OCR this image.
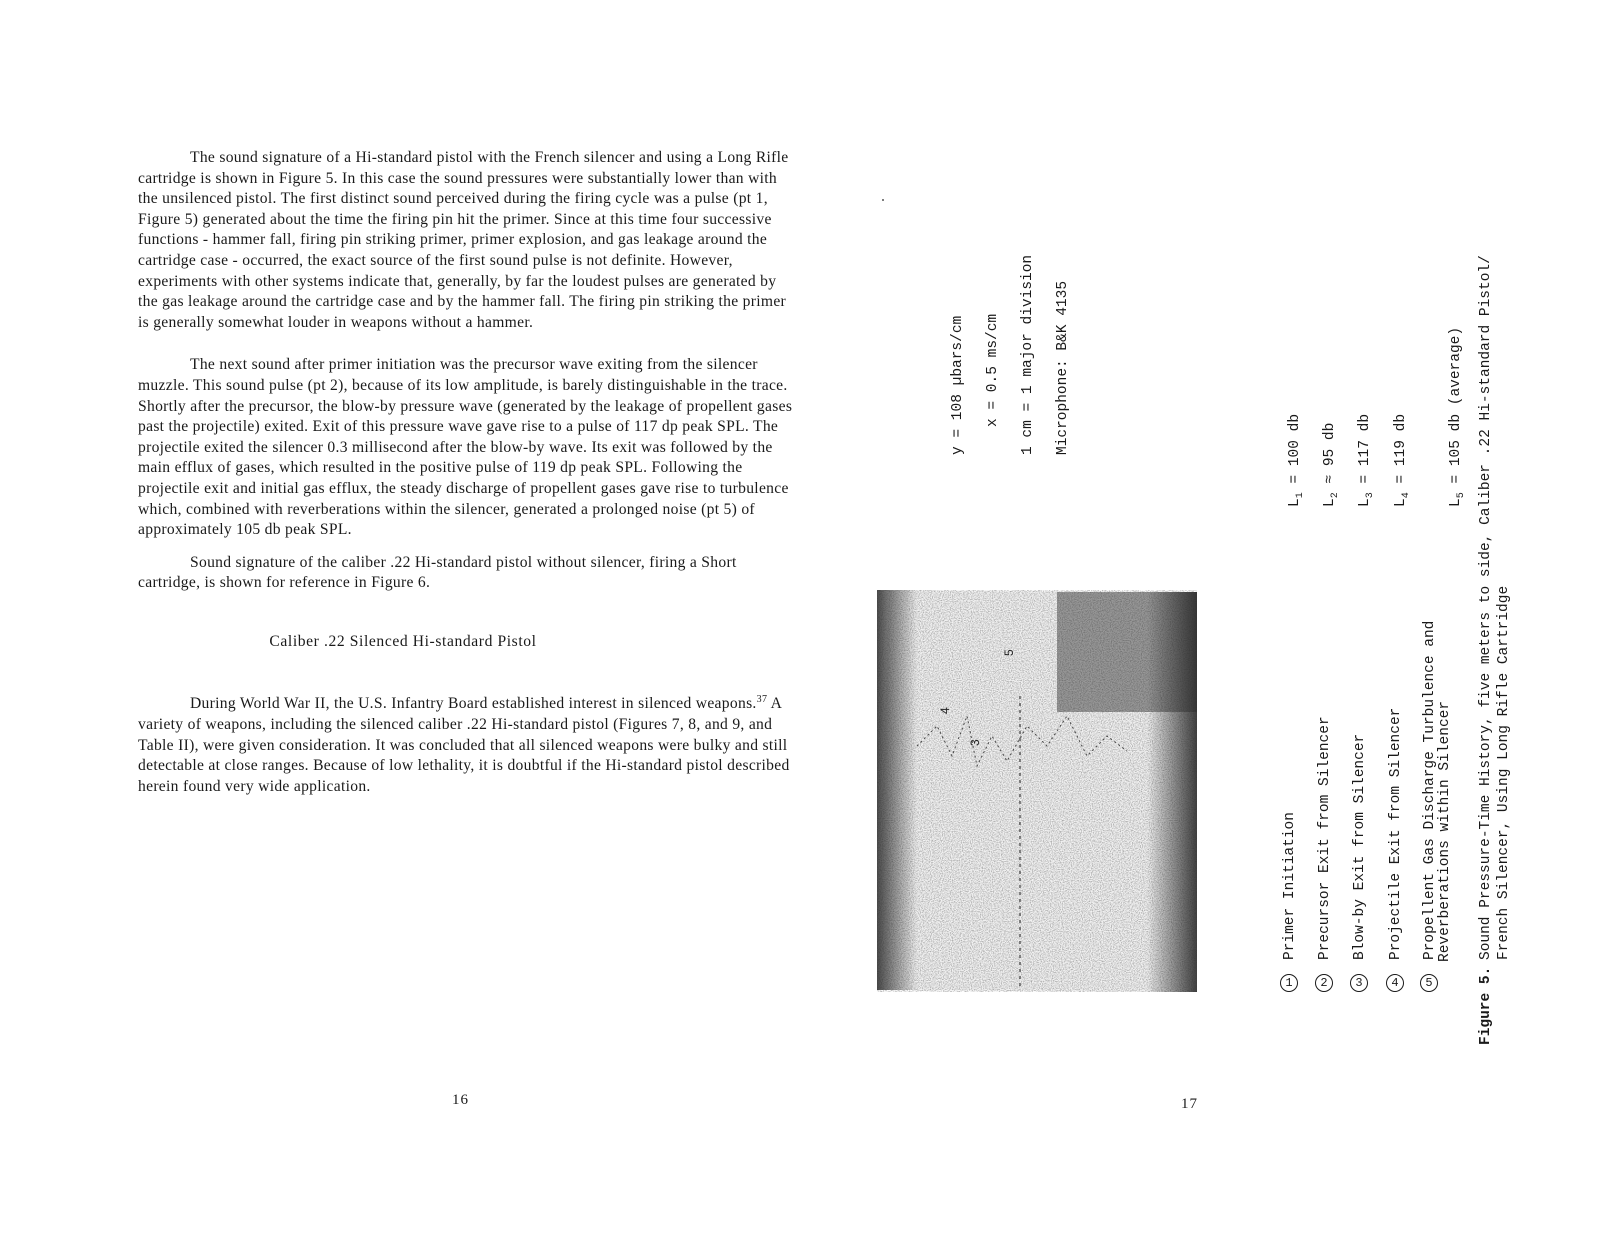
The sound signature of a Hi-standard pistol with the French silencer and using a Long Rifle cartridge is shown in Figure 5. In this case the sound pressures were substantially lower than with the unsilenced pistol. The first distinct sound perceived during the firing cycle was a pulse (pt 1, Figure 5) generated about the time the firing pin hit the primer. Since at this time four successive functions - hammer fall, firing pin striking primer, primer explosion, and gas leakage around the cartridge case - occurred, the exact source of the first sound pulse is not definite. However, experiments with other systems indicate that, generally, by far the loudest pulses are generated by the gas leakage around the cartridge case and by the hammer fall. The firing pin striking the primer is generally somewhat louder in weapons without a hammer.

The next sound after primer initiation was the precursor wave exiting from the silencer muzzle. This sound pulse (pt 2), because of its low amplitude, is barely distinguishable in the trace. Shortly after the precursor, the blow-by pressure wave (generated by the leakage of propellent gases past the projectile) exited. Exit of this pressure wave gave rise to a pulse of 117 dp peak SPL. The projectile exited the silencer 0.3 millisecond after the blow-by wave. Its exit was followed by the main efflux of gases, which resulted in the positive pulse of 119 dp peak SPL. Following the projectile exit and initial gas efflux, the steady discharge of propellent gases gave rise to turbulence which, combined with reverberations within the silencer, generated a prolonged noise (pt 5) of approximately 105 db peak SPL.

Sound signature of the caliber .22 Hi-standard pistol without silencer, firing a Short cartridge, is shown for reference in Figure 6.

Caliber .22 Silenced Hi-standard Pistol

During World War II, the U.S. Infantry Board established interest in silenced weapons.$^{37}$ A variety of weapons, including the silenced caliber .22 Hi-standard pistol (Figures 7, 8, and 9, and Table II), were given consideration. It was concluded that all silenced weapons were bulky and still detectable at close ranges. Because of low lethality, it is doubtful if the Hi-standard pistol described herein found very wide application.

16
y = 108 µbars/cm x = 0.5 ms/cm 1 cm = 1 major division Microphone: B&K 4135
3
4
5
$L_1 = 100$ db
$L_2 \approx 95$ db
$L_3 = 117$ db
$L_4 = 119$ db
$L_5 = 105$ db (average)
1Primer Initiation
2Precursor Exit from Silencer
3Blow-by Exit from Silencer
4Projectile Exit from Silencer
5Propellent Gas Discharge Turbulence and Reverberations within Silencer
Figure 5.
Sound Pressure-Time History, five meters to side, Caliber .22 Hi-standard Pistol/ French Silencer, Using Long Rifle Cartridge
17
